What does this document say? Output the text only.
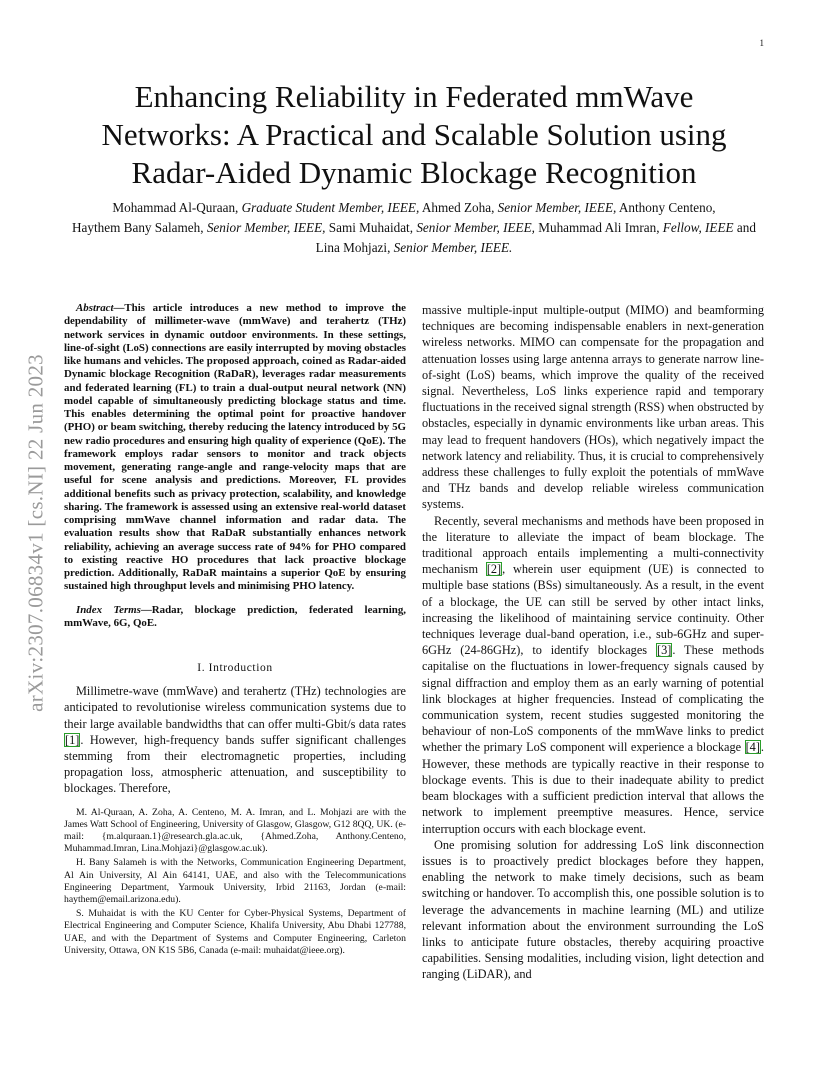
1
arXiv:2307.06834v1 [cs.NI] 22 Jun 2023
Enhancing Reliability in Federated mmWave Networks: A Practical and Scalable Solution using Radar-Aided Dynamic Blockage Recognition

Mohammad Al-Quraan, Graduate Student Member, IEEE, Ahmed Zoha, Senior Member, IEEE, Anthony Centeno,
Haythem Bany Salameh, Senior Member, IEEE, Sami Muhaidat, Senior Member, IEEE, Muhammad Ali Imran, Fellow, IEEE and Lina Mohjazi, Senior Member, IEEE.

Abstract—This article introduces a new method to improve the dependability of millimeter-wave (mmWave) and terahertz (THz) network services in dynamic outdoor environments. In these settings, line-of-sight (LoS) connections are easily interrupted by moving obstacles like humans and vehicles. The proposed approach, coined as Radar-aided Dynamic blockage Recognition (RaDaR), leverages radar measurements and federated learning (FL) to train a dual-output neural network (NN) model capable of simultaneously predicting blockage status and time. This enables determining the optimal point for proactive handover (PHO) or beam switching, thereby reducing the latency introduced by 5G new radio procedures and ensuring high quality of experience (QoE). The framework employs radar sensors to monitor and track objects movement, generating range-angle and range-velocity maps that are useful for scene analysis and predictions. Moreover, FL provides additional benefits such as privacy protection, scalability, and knowledge sharing. The framework is assessed using an extensive real-world dataset comprising mmWave channel information and radar data. The evaluation results show that RaDaR substantially enhances network reliability, achieving an average success rate of 94% for PHO compared to existing reactive HO procedures that lack proactive blockage prediction. Additionally, RaDaR maintains a superior QoE by ensuring sustained high throughput levels and minimising PHO latency.

Index Terms—Radar, blockage prediction, federated learning, mmWave, 6G, QoE.

I. Introduction

Millimetre-wave (mmWave) and terahertz (THz) technologies are anticipated to revolutionise wireless communication systems due to their large available bandwidths that can offer multi-Gbit/s data rates [1]. However, high-frequency bands suffer significant challenges stemming from their electromagnetic properties, including propagation loss, atmospheric attenuation, and susceptibility to blockages. Therefore,

M. Al-Quraan, A. Zoha, A. Centeno, M. A. Imran, and L. Mohjazi are with the James Watt School of Engineering, University of Glasgow, Glasgow, G12 8QQ, UK. (e-mail: {m.alquraan.1}@research.gla.ac.uk, {Ahmed.Zoha, Anthony.Centeno, Muhammad.Imran, Lina.Mohjazi}@glasgow.ac.uk).

H. Bany Salameh is with the Networks, Communication Engineering Department, Al Ain University, Al Ain 64141, UAE, and also with the Telecommunications Engineering Department, Yarmouk University, Irbid 21163, Jordan (e-mail: haythem@email.arizona.edu).

S. Muhaidat is with the KU Center for Cyber-Physical Systems, Department of Electrical Engineering and Computer Science, Khalifa University, Abu Dhabi 127788, UAE, and with the Department of Systems and Computer Engineering, Carleton University, Ottawa, ON K1S 5B6, Canada (e-mail: muhaidat@ieee.org).

massive multiple-input multiple-output (MIMO) and beamforming techniques are becoming indispensable enablers in next-generation wireless networks. MIMO can compensate for the propagation and attenuation losses using large antenna arrays to generate narrow line-of-sight (LoS) beams, which improve the quality of the received signal. Nevertheless, LoS links experience rapid and temporary fluctuations in the received signal strength (RSS) when obstructed by obstacles, especially in dynamic environments like urban areas. This may lead to frequent handovers (HOs), which negatively impact the network latency and reliability. Thus, it is crucial to comprehensively address these challenges to fully exploit the potentials of mmWave and THz bands and develop reliable wireless communication systems.

Recently, several mechanisms and methods have been proposed in the literature to alleviate the impact of beam blockage. The traditional approach entails implementing a multi-connectivity mechanism [2], wherein user equipment (UE) is connected to multiple base stations (BSs) simultaneously. As a result, in the event of a blockage, the UE can still be served by other intact links, increasing the likelihood of maintaining service continuity. Other techniques leverage dual-band operation, i.e., sub-6GHz and super-6GHz (24-86GHz), to identify blockages [3]. These methods capitalise on the fluctuations in lower-frequency signals caused by signal diffraction and employ them as an early warning of potential link blockages at higher frequencies. Instead of complicating the communication system, recent studies suggested monitoring the behaviour of non-LoS components of the mmWave links to predict whether the primary LoS component will experience a blockage [4]. However, these methods are typically reactive in their response to blockage events. This is due to their inadequate ability to predict beam blockages with a sufficient prediction interval that allows the network to implement preemptive measures. Hence, service interruption occurs with each blockage event.

One promising solution for addressing LoS link disconnection issues is to proactively predict blockages before they happen, enabling the network to make timely decisions, such as beam switching or handover. To accomplish this, one possible solution is to leverage the advancements in machine learning (ML) and utilize relevant information about the environment surrounding the LoS links to anticipate future obstacles, thereby acquiring proactive capabilities. Sensing modalities, including vision, light detection and ranging (LiDAR), and
